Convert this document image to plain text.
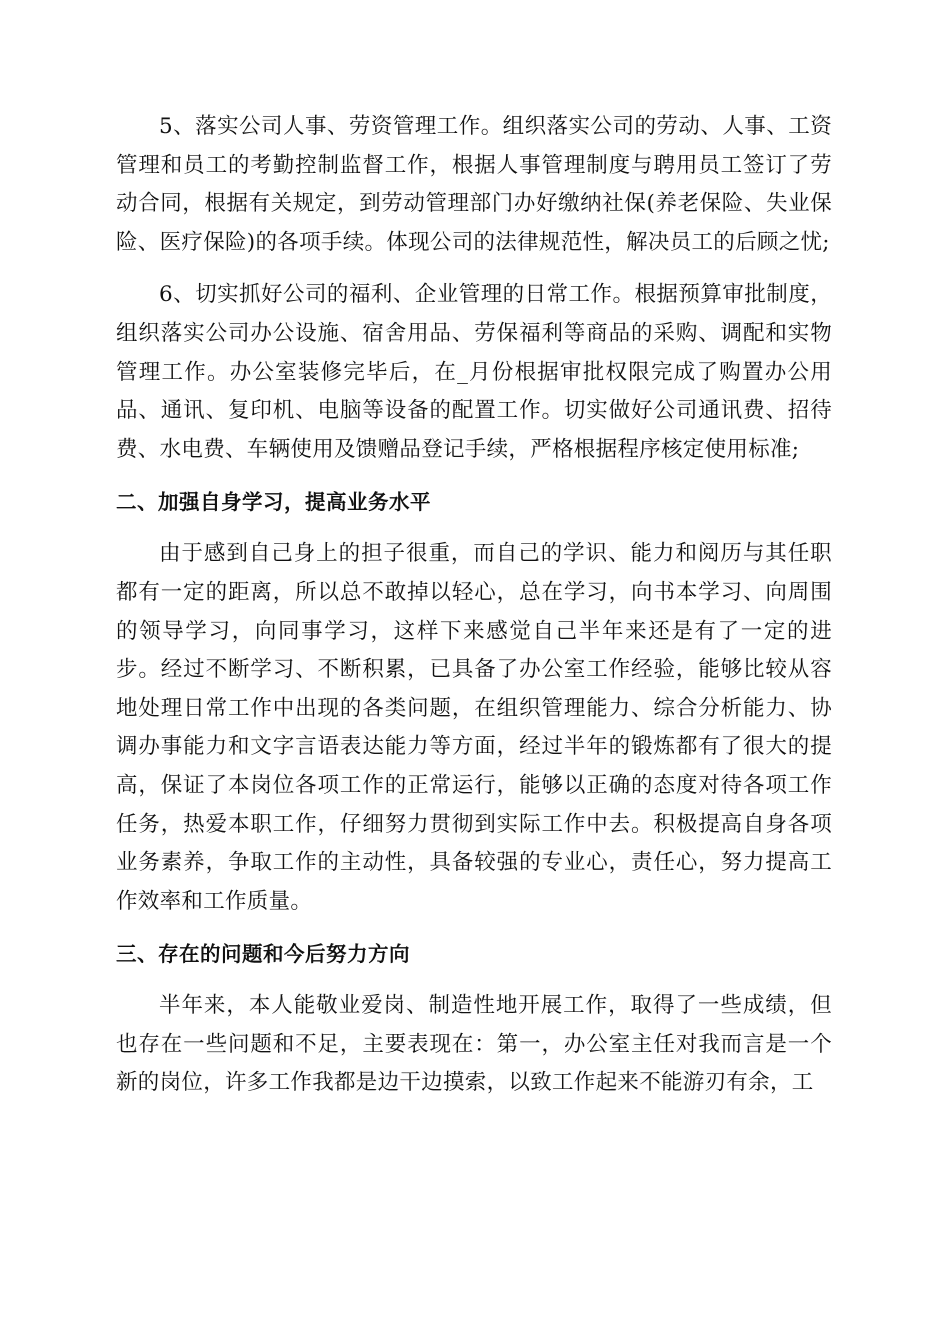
5、落实公司人事、劳资管理工作。组织落实公司的劳动、人事、工资管理和员工的考勤控制监督工作，根据人事管理制度与聘用员工签订了劳动合同，根据有关规定，到劳动管理部门办好缴纳社保(养老保险、失业保险、医疗保险)的各项手续。体现公司的法律规范性，解决员工的后顾之忧;

6、切实抓好公司的福利、企业管理的日常工作。根据预算审批制度，组织落实公司办公设施、宿舍用品、劳保福利等商品的采购、调配和实物管理工作。办公室装修完毕后，在_月份根据审批权限完成了购置办公用品、通讯、复印机、电脑等设备的配置工作。切实做好公司通讯费、招待费、水电费、车辆使用及馈赠品登记手续，严格根据程序核定使用标准;

二、加强自身学习，提高业务水平

由于感到自己身上的担子很重，而自己的学识、能力和阅历与其任职都有一定的距离，所以总不敢掉以轻心，总在学习，向书本学习、向周围的领导学习，向同事学习，这样下来感觉自己半年来还是有了一定的进步。经过不断学习、不断积累，已具备了办公室工作经验，能够比较从容地处理日常工作中出现的各类问题，在组织管理能力、综合分析能力、协调办事能力和文字言语表达能力等方面，经过半年的锻炼都有了很大的提高，保证了本岗位各项工作的正常运行，能够以正确的态度对待各项工作任务，热爱本职工作，仔细努力贯彻到实际工作中去。积极提高自身各项业务素养，争取工作的主动性，具备较强的专业心，责任心，努力提高工作效率和工作质量。

三、存在的问题和今后努力方向

半年来，本人能敬业爱岗、制造性地开展工作，取得了一些成绩，但也存在一些问题和不足，主要表现在：第一，办公室主任对我而言是一个新的岗位，许多工作我都是边干边摸索，以致工作起来不能游刃有余，工
